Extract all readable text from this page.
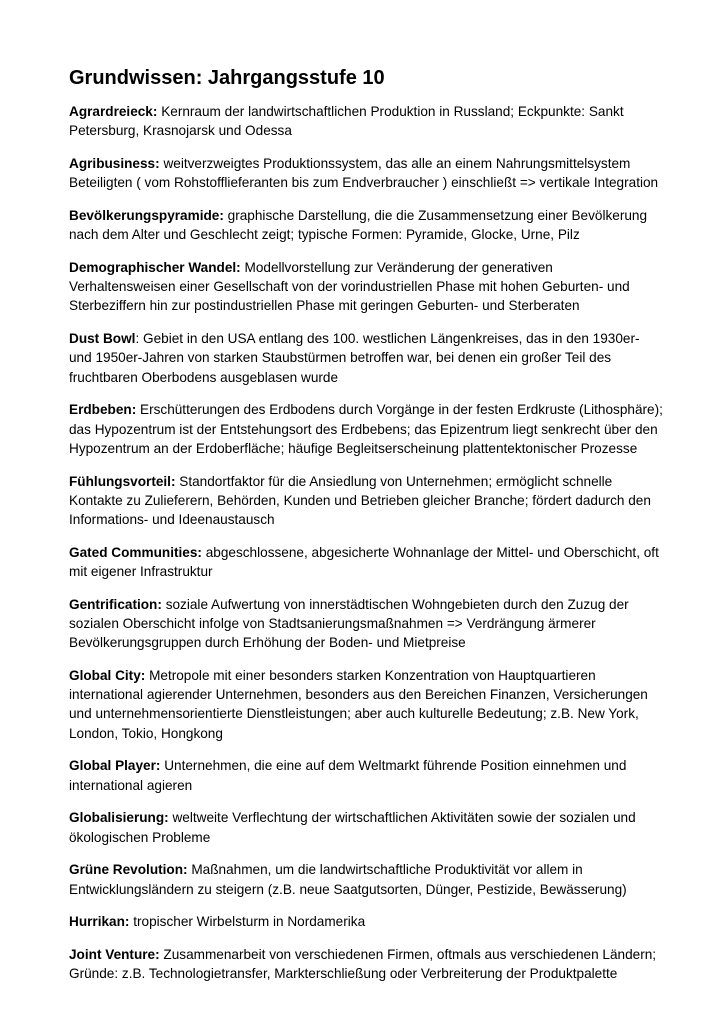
Grundwissen: Jahrgangsstufe 10
Agrardreieck: Kernraum der landwirtschaftlichen Produktion in Russland; Eckpunkte: Sankt
Petersburg, Krasnojarsk und Odessa
Agribusiness: weitverzweigtes Produktionssystem, das alle an einem Nahrungsmittelsystem
Beteiligten ( vom Rohstofflieferanten bis zum Endverbraucher ) einschließt => vertikale Integration
Bevölkerungspyramide: graphische Darstellung, die die Zusammensetzung einer Bevölkerung
nach dem Alter und Geschlecht zeigt; typische Formen: Pyramide, Glocke, Urne, Pilz
Demographischer Wandel: Modellvorstellung zur Veränderung der generativen
Verhaltensweisen einer Gesellschaft von der vorindustriellen Phase mit hohen Geburten- und
Sterbeziffern hin zur postindustriellen Phase mit geringen Geburten- und Sterberaten
Dust Bowl: Gebiet in den USA entlang des 100. westlichen Längenkreises, das in den 1930er-
und 1950er-Jahren von starken Staubstürmen betroffen war, bei denen ein großer Teil des
fruchtbaren Oberbodens ausgeblasen wurde
Erdbeben: Erschütterungen des Erdbodens durch Vorgänge in der festen Erdkruste (Lithosphäre);
das Hypozentrum ist der Entstehungsort des Erdbebens; das Epizentrum liegt senkrecht über den
Hypozentrum an der Erdoberfläche; häufige Begleitserscheinung plattentektonischer Prozesse
Fühlungsvorteil: Standortfaktor für die Ansiedlung von Unternehmen; ermöglicht schnelle
Kontakte zu Zulieferern, Behörden, Kunden und Betrieben gleicher Branche; fördert dadurch den
Informations- und Ideenaustausch
Gated Communities: abgeschlossene, abgesicherte Wohnanlage der Mittel- und Oberschicht, oft
mit eigener Infrastruktur
Gentrification: soziale Aufwertung von innerstädtischen Wohngebieten durch den Zuzug der
sozialen Oberschicht infolge von Stadtsanierungsmaßnahmen => Verdrängung ärmerer
Bevölkerungsgruppen durch Erhöhung der Boden- und Mietpreise
Global City: Metropole mit einer besonders starken Konzentration von Hauptquartieren
international agierender Unternehmen, besonders aus den Bereichen Finanzen, Versicherungen
und unternehmensorientierte Dienstleistungen; aber auch kulturelle Bedeutung; z.B. New York,
London, Tokio, Hongkong
Global Player: Unternehmen, die eine auf dem Weltmarkt führende Position einnehmen und
international agieren
Globalisierung: weltweite Verflechtung der wirtschaftlichen Aktivitäten sowie der sozialen und
ökologischen Probleme
Grüne Revolution: Maßnahmen, um die landwirtschaftliche Produktivität vor allem in
Entwicklungsländern zu steigern (z.B. neue Saatgutsorten, Dünger, Pestizide, Bewässerung)
Hurrikan: tropischer Wirbelsturm in Nordamerika
Joint Venture: Zusammenarbeit von verschiedenen Firmen, oftmals aus verschiedenen Ländern;
Gründe: z.B. Technologietransfer, Markterschließung oder Verbreiterung der Produktpalette
